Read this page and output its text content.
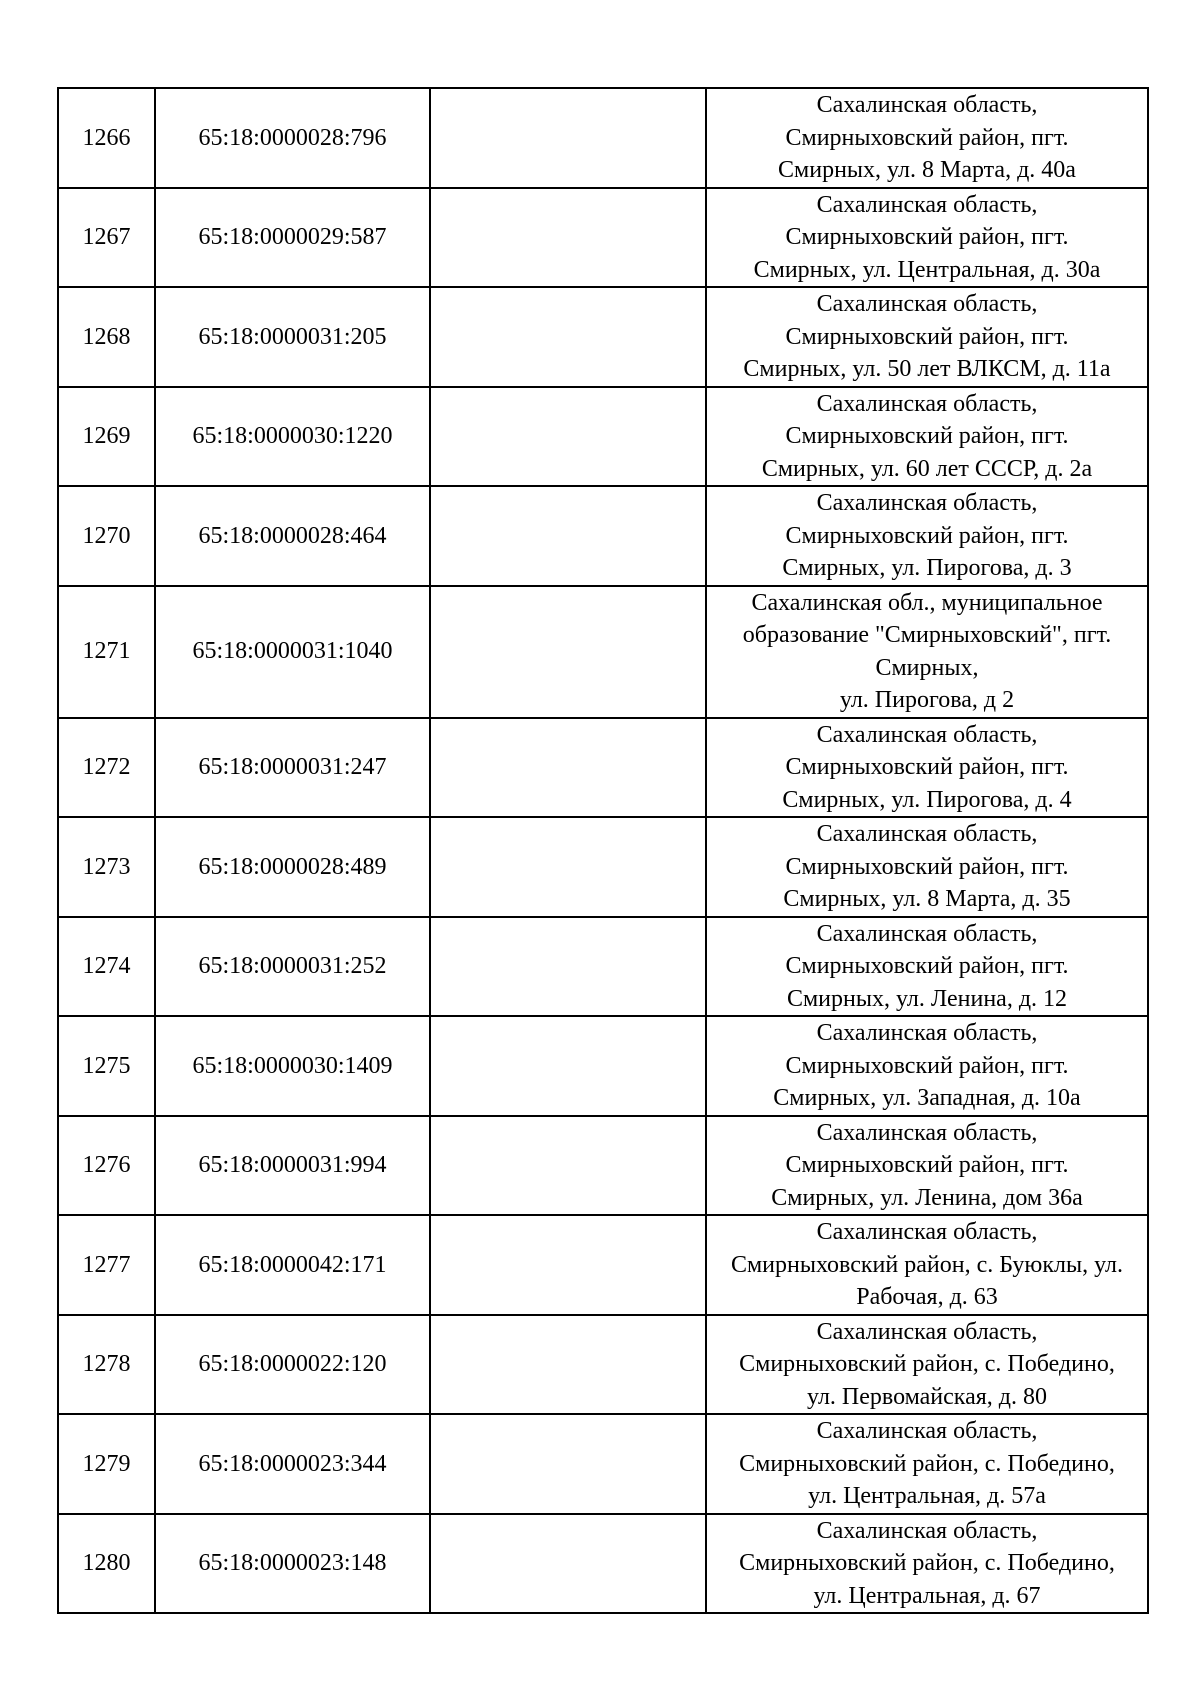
1266	65:18:0000028:796		Сахалинская область,
Смирныховский район, пгт.
Смирных, ул. 8 Марта, д. 40а

1267	65:18:0000029:587		Сахалинская область,
Смирныховский район, пгт.
Смирных, ул. Центральная, д. 30а

1268	65:18:0000031:205		Сахалинская область,
Смирныховский район, пгт.
Смирных, ул. 50 лет ВЛКСМ, д. 11а

1269	65:18:0000030:1220		Сахалинская область,
Смирныховский район, пгт.
Смирных, ул. 60 лет СССР, д. 2а

1270	65:18:0000028:464		Сахалинская область,
Смирныховский район, пгт.
Смирных, ул. Пирогова, д. 3

1271	65:18:0000031:1040		Сахалинская обл., муниципальное
образование "Смирныховский", пгт.
Смирных,
ул. Пирогова, д 2

1272	65:18:0000031:247		Сахалинская область,
Смирныховский район, пгт.
Смирных, ул. Пирогова, д. 4

1273	65:18:0000028:489		Сахалинская область,
Смирныховский район, пгт.
Смирных, ул. 8 Марта, д. 35

1274	65:18:0000031:252		Сахалинская область,
Смирныховский район, пгт.
Смирных, ул. Ленина, д. 12

1275	65:18:0000030:1409		Сахалинская область,
Смирныховский район, пгт.
Смирных, ул. Западная, д. 10а

1276	65:18:0000031:994		Сахалинская область,
Смирныховский район, пгт.
Смирных, ул. Ленина, дом 36а

1277	65:18:0000042:171		Сахалинская область,
Смирныховский район, с. Буюклы, ул.
Рабочая, д. 63

1278	65:18:0000022:120		Сахалинская область,
Смирныховский район, с. Победино,
ул. Первомайская, д. 80

1279	65:18:0000023:344		Сахалинская область,
Смирныховский район, с. Победино,
ул. Центральная, д. 57а

1280	65:18:0000023:148		Сахалинская область,
Смирныховский район, с. Победино,
ул. Центральная, д. 67
